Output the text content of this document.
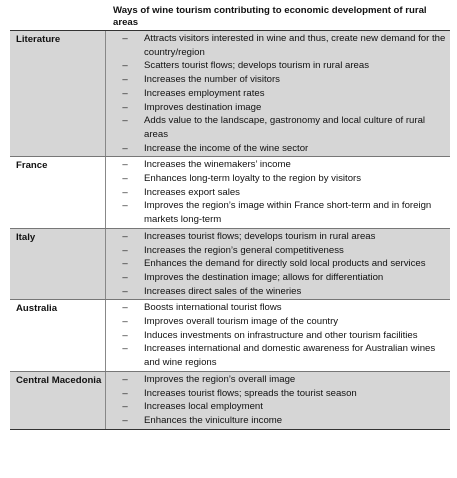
Ways of wine tourism contributing to economic development of rural areas
Literature	–	Attracts visitors interested in wine and thus, create new demand for the country/region
–	Scatters tourist flows; develops tourism in rural areas
–	Increases the number of visitors
–	Increases employment rates
–	Improves destination image
–	Adds value to the landscape, gastronomy and local culture of rural areas
–	Increase the income of the wine sector
France	–	Increases the winemakers’ income
–	Enhances long-term loyalty to the region by visitors
–	Increases export sales
–	Improves the region’s image within France short-term and in foreign markets long-term
Italy	–	Increases tourist flows; develops tourism in rural areas
–	Increases the region’s general competitiveness
–	Enhances the demand for directly sold local products and services
–	Improves the destination image; allows for differentiation
–	Increases direct sales of the wineries
Australia	–	Boosts international tourist flows
–	Improves overall tourism image of the country
–	Induces investments on infrastructure and other tourism facilities
–	Increases international and domestic awareness for Australian wines and wine regions
Central Macedonia	–	Improves the region’s overall image
–	Increases tourist flows; spreads the tourist season
–	Increases local employment
–	Enhances the viniculture income
